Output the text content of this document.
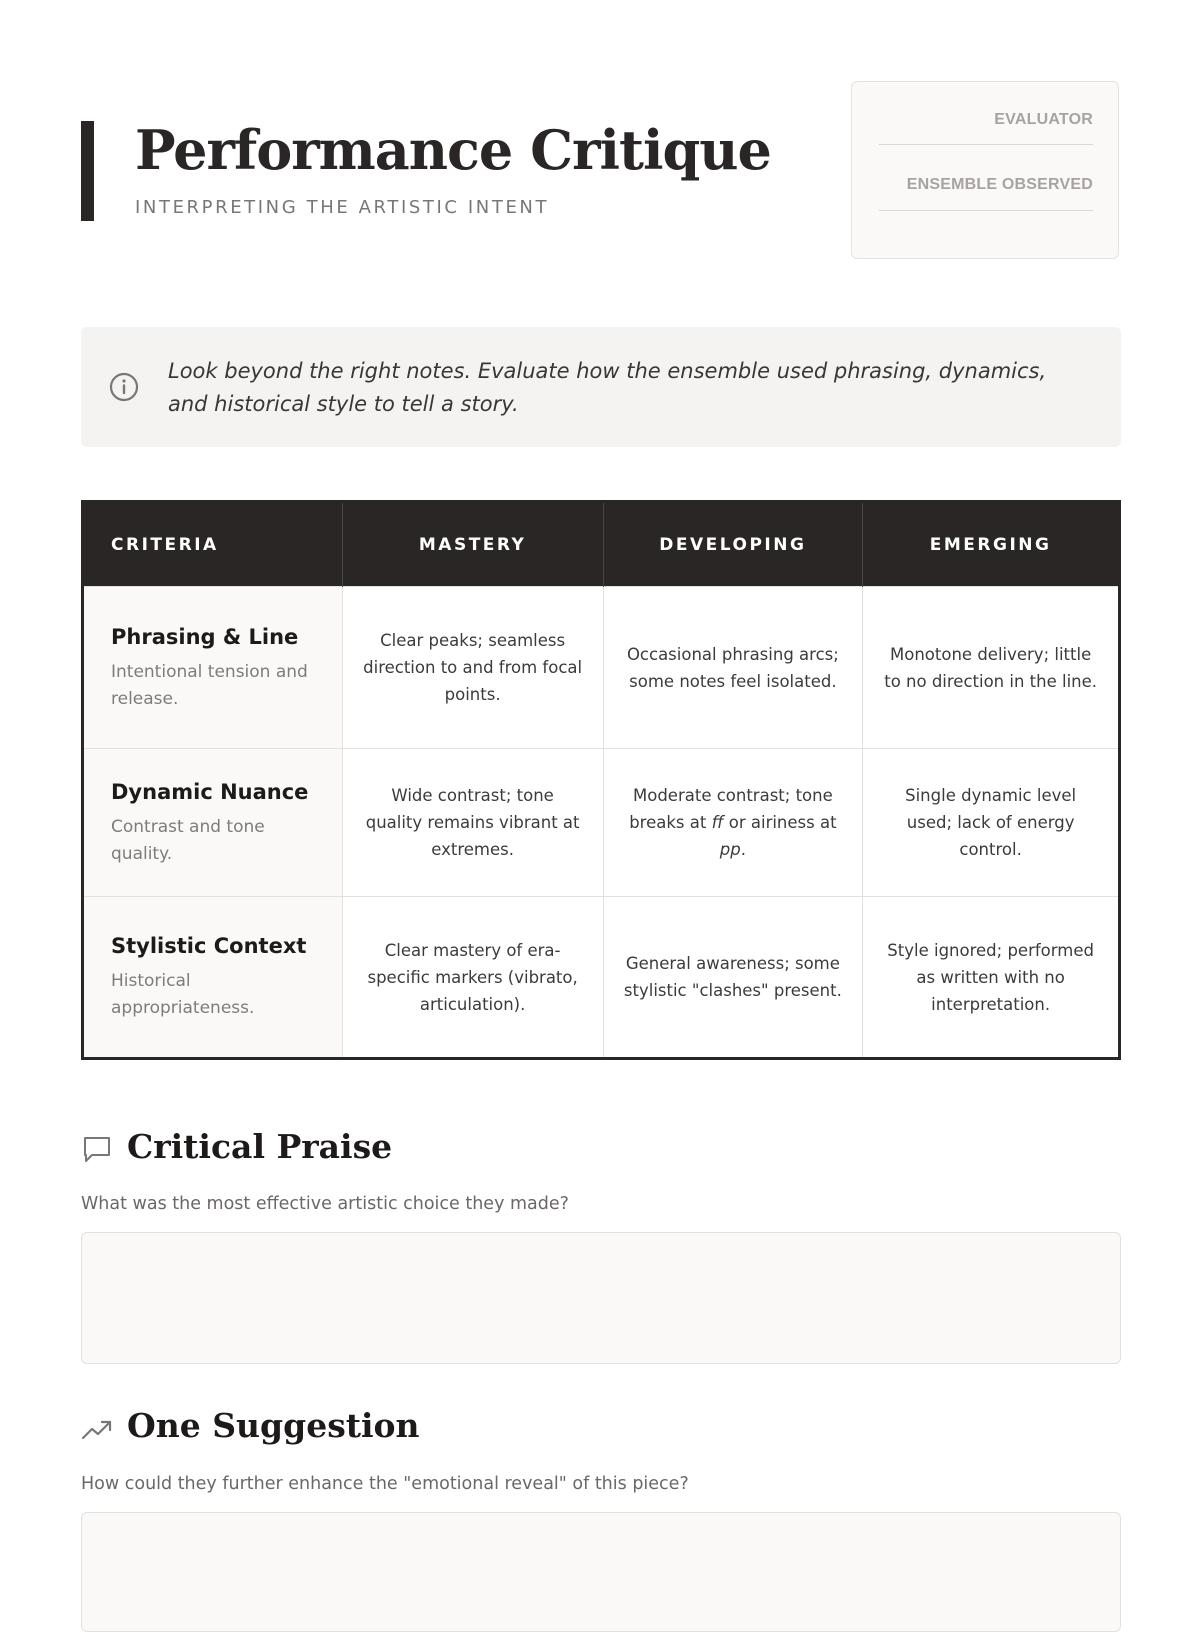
Performance Critique
INTERPRETING THE ARTISTIC INTENT
EVALUATOR
ENSEMBLE OBSERVED
Look beyond the right notes. Evaluate how the ensemble used phrasing, dynamics, and historical style to tell a story.
CRITERIA	MASTERY	DEVELOPING	EMERGING

Phrasing & Line
Intentional tension and release.	Clear peaks; seamless direction to and from focal points.	Occasional phrasing arcs; some notes feel isolated.	Monotone delivery; little to no direction in the line.

Dynamic Nuance
Contrast and tone quality.	Wide contrast; tone quality remains vibrant at extremes.	Moderate contrast; tone breaks at ff or airiness at pp.	Single dynamic level used; lack of energy control.

Stylistic Context
Historical appropriateness.	Clear mastery of era-specific markers (vibrato, articulation).	General awareness; some stylistic "clashes" present.	Style ignored; performed as written with no interpretation.
Critical Praise
What was the most effective artistic choice they made?
One Suggestion
How could they further enhance the "emotional reveal" of this piece?
